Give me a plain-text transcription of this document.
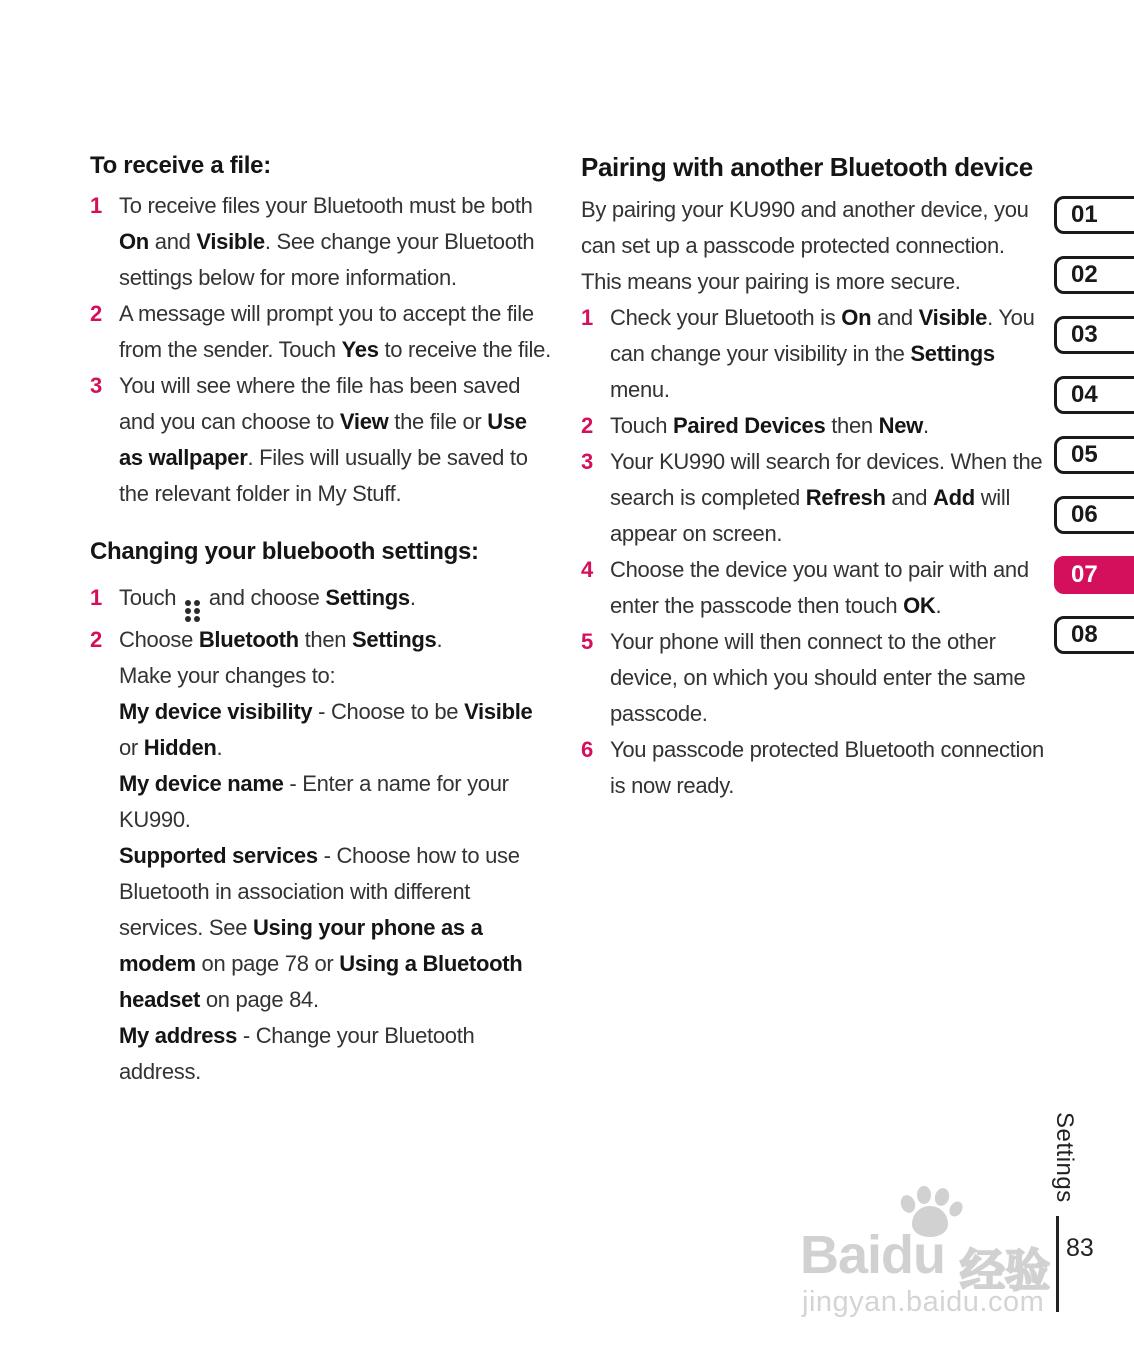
To receive a file:
1 To receive files your Bluetooth must be both On and Visible. See change your Bluetooth settings below for more information.
2 A message will prompt you to accept the file from the sender. Touch Yes to receive the file.
3 You will see where the file has been saved and you can choose to View the file or Use as wallpaper. Files will usually be saved to the relevant folder in My Stuff.
Changing your bluebooth settings:
1 Touch
and choose Settings.
2 Choose Bluetooth then Settings.
Make your changes to:
My device visibility - Choose to be Visible or Hidden.
My device name - Enter a name for your KU990.
Supported services - Choose how to use Bluetooth in association with different services. See Using your phone as a modem on page 78 or Using a Bluetooth headset on page 84.
My address - Change your Bluetooth address.
Pairing with another Bluetooth device

By pairing your KU990 and another device, you can set up a passcode protected connection. This means your pairing is more secure.

1 Check your Bluetooth is On and Visible. You can change your visibility in the Settings menu.
2 Touch Paired Devices then New.
3 Your KU990 will search for devices. When the search is completed Refresh and Add will appear on screen.
4 Choose the device you want to pair with and enter the passcode then touch OK.
5 Your phone will then connect to the other device, on which you should enter the same passcode.
6 You passcode protected Bluetooth connection is now ready.
01
02
03
04
05
06
07
08
Settings
83
Baidu 经验
jingyan.baidu.com
